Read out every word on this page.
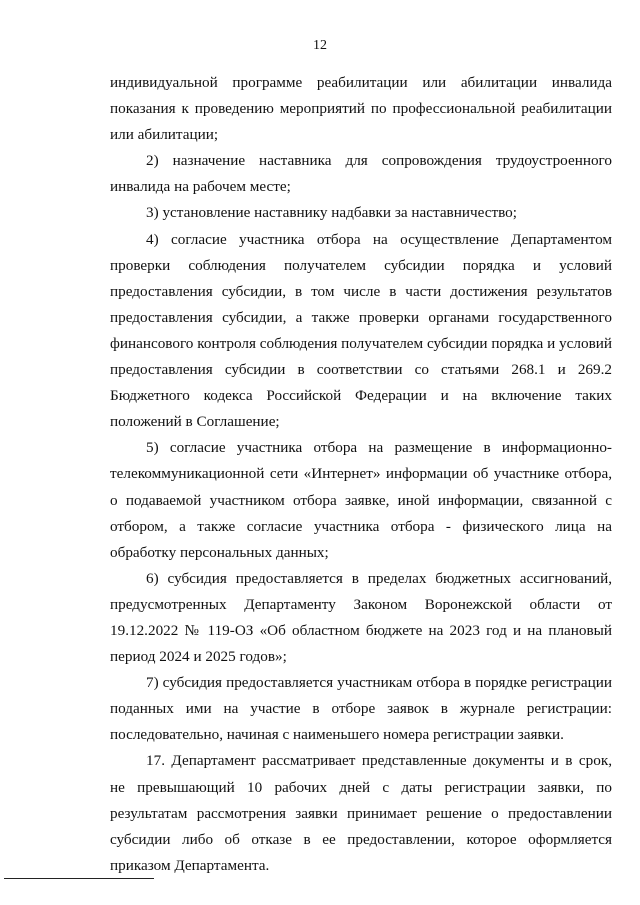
12

индивидуальной программе реабилитации или абилитации инвалида показания к проведению мероприятий по профессиональной реабилитации или абилитации;

2) назначение наставника для сопровождения трудоустроенного инвалида на рабочем месте;

3) установление наставнику надбавки за наставничество;

4) согласие участника отбора на осуществление Департаментом проверки соблюдения получателем субсидии порядка и условий предоставления субсидии, в том числе в части достижения результатов предоставления субсидии, а также проверки органами государственного финансового контроля соблюдения получателем субсидии порядка и условий предоставления субсидии в соответствии со статьями 268.1 и 269.2 Бюджетного кодекса Российской Федерации и на включение таких положений в Соглашение;

5) согласие участника отбора на размещение в информационно-телекоммуникационной сети «Интернет» информации об участнике отбора, о подаваемой участником отбора заявке, иной информации, связанной с отбором, а также согласие участника отбора - физического лица на обработку персональных данных;

6) субсидия предоставляется в пределах бюджетных ассигнований, предусмотренных Департаменту Законом Воронежской области от 19.12.2022 № 119-ОЗ «Об областном бюджете на 2023 год и на плановый период 2024 и 2025 годов»;

7) субсидия предоставляется участникам отбора в порядке регистрации поданных ими на участие в отборе заявок в журнале регистрации: последовательно, начиная с наименьшего номера регистрации заявки.

17. Департамент рассматривает представленные документы и в срок, не превышающий 10 рабочих дней с даты регистрации заявки, по результатам рассмотрения заявки принимает решение о предоставлении субсидии либо об отказе в ее предоставлении, которое оформляется приказом Департамента.
